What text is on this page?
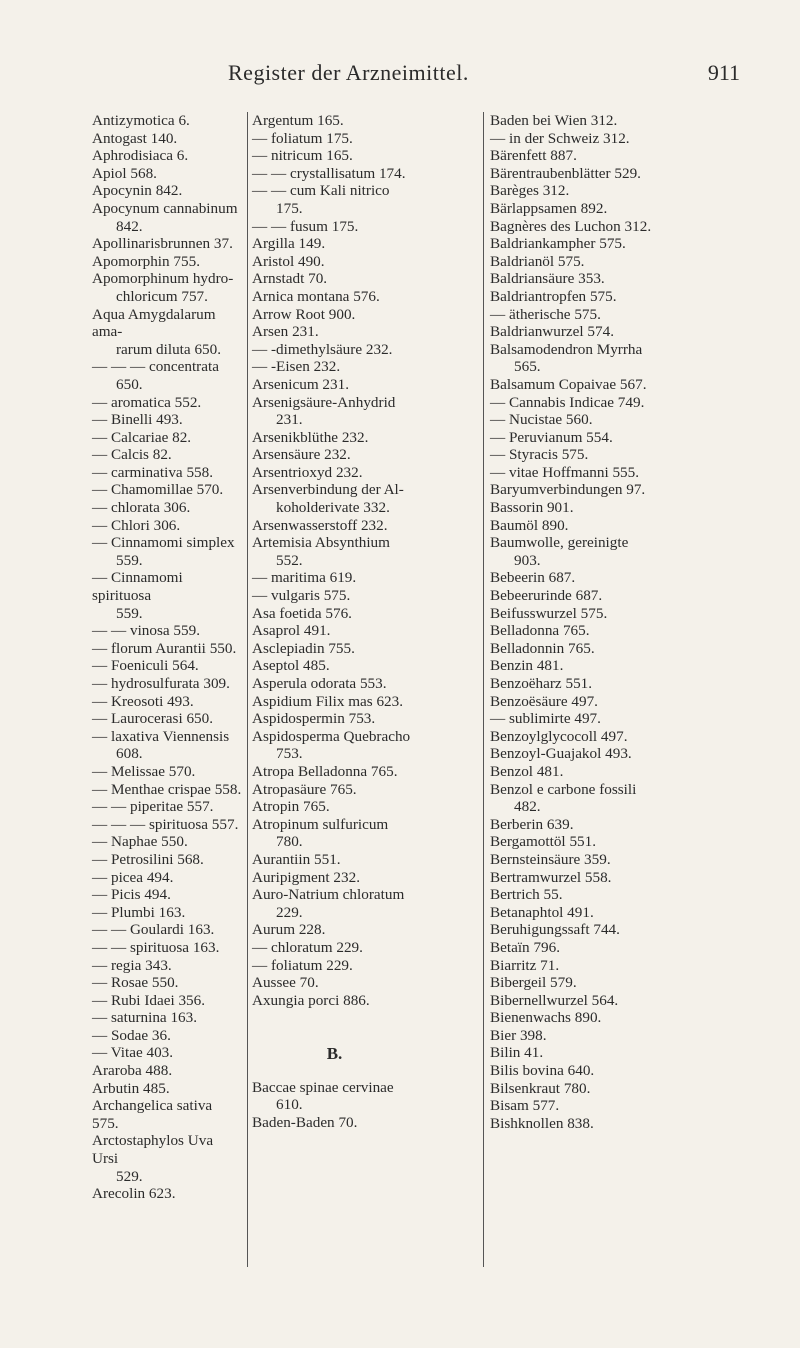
Register der Arzneimittel.	911
Antizymotica 6.
Antogast 140.
Aphrodisiaca 6.
Apiol 568.
Apocynin 842.
Apocynum cannabinum
842.
Apollinarisbrunnen 37.
Apomorphin 755.
Apomorphinum hydro-
chloricum 757.
Aqua Amygdalarum ama-
rarum diluta 650.
— — — concentrata
650.
— aromatica 552.
— Binelli 493.
— Calcariae 82.
— Calcis 82.
— carminativa 558.
— Chamomillae 570.
— chlorata 306.
— Chlori 306.
— Cinnamomi simplex
559.
— Cinnamomi spirituosa
559.
— — vinosa 559.
— florum Aurantii 550.
— Foeniculi 564.
— hydrosulfurata 309.
— Kreosoti 493.
— Laurocerasi 650.
— laxativa Viennensis
608.
— Melissae 570.
— Menthae crispae 558.
— — piperitae 557.
— — — spirituosa 557.
— Naphae 550.
— Petrosilini 568.
— picea 494.
— Picis 494.
— Plumbi 163.
— — Goulardi 163.
— — spirituosa 163.
— regia 343.
— Rosae 550.
— Rubi Idaei 356.
— saturnina 163.
— Sodae 36.
— Vitae 403.
Araroba 488.
Arbutin 485.
Archangelica sativa 575.
Arctostaphylos Uva Ursi
529.
Arecolin 623.
Argentum 165.
— foliatum 175.
— nitricum 165.
— — crystallisatum 174.
— — cum Kali nitrico
175.
— — fusum 175.
Argilla 149.
Aristol 490.
Arnstadt 70.
Arnica montana 576.
Arrow Root 900.
Arsen 231.
— -dimethylsäure 232.
— -Eisen 232.
Arsenicum 231.
Arsenigsäure-Anhydrid
231.
Arsenikblüthe 232.
Arsensäure 232.
Arsentrioxyd 232.
Arsenverbindung der Al-
koholderivate 332.
Arsenwasserstoff 232.
Artemisia Absynthium
552.
— maritima 619.
— vulgaris 575.
Asa foetida 576.
Asaprol 491.
Asclepiadin 755.
Aseptol 485.
Asperula odorata 553.
Aspidium Filix mas 623.
Aspidospermin 753.
Aspidosperma Quebracho
753.
Atropa Belladonna 765.
Atropasäure 765.
Atropin 765.
Atropinum sulfuricum
780.
Aurantiin 551.
Auripigment 232.
Auro-Natrium chloratum
229.
Aurum 228.
— chloratum 229.
— foliatum 229.
Aussee 70.
Axungia porci 886.
B.
Baccae spinae cervinae
610.
Baden-Baden 70.
Baden bei Wien 312.
— in der Schweiz 312.
Bärenfett 887.
Bärentraubenblätter 529.
Barèges 312.
Bärlappsamen 892.
Bagnères des Luchon 312.
Baldriankampher 575.
Baldrianöl 575.
Baldriansäure 353.
Baldriantropfen 575.
— ätherische 575.
Baldrianwurzel 574.
Balsamodendron Myrrha
565.
Balsamum Copaivae 567.
— Cannabis Indicae 749.
— Nucistae 560.
— Peruvianum 554.
— Styracis 575.
— vitae Hoffmanni 555.
Baryumverbindungen 97.
Bassorin 901.
Baumöl 890.
Baumwolle, gereinigte
903.
Bebeerin 687.
Bebeerurinde 687.
Beifusswurzel 575.
Belladonna 765.
Belladonnin 765.
Benzin 481.
Benzoëharz 551.
Benzoësäure 497.
— sublimirte 497.
Benzoylglycocoll 497.
Benzoyl-Guajakol 493.
Benzol 481.
Benzol e carbone fossili
482.
Berberin 639.
Bergamottöl 551.
Bernsteinsäure 359.
Bertramwurzel 558.
Bertrich 55.
Betanaphtol 491.
Beruhigungssaft 744.
Betaïn 796.
Biarritz 71.
Bibergeil 579.
Bibernellwurzel 564.
Bienenwachs 890.
Bier 398.
Bilin 41.
Bilis bovina 640.
Bilsenkraut 780.
Bisam 577.
Bishknollen 838.
